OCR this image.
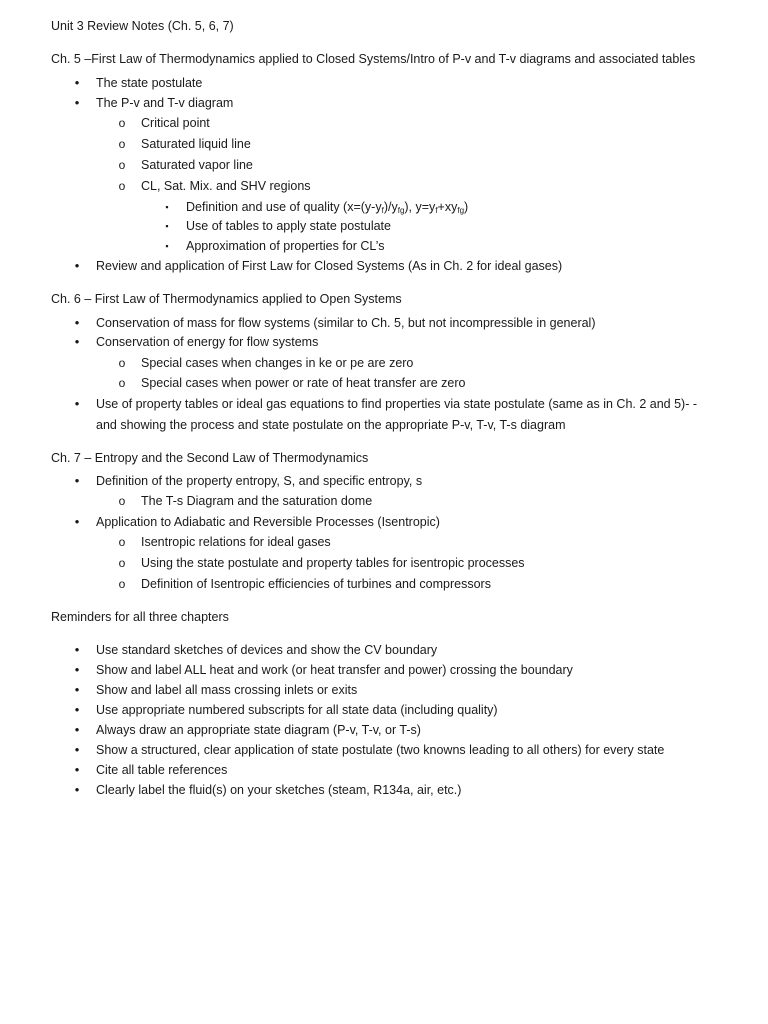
Unit 3 Review Notes (Ch. 5, 6, 7)
Ch. 5 –First Law of Thermodynamics applied to Closed Systems/Intro of P-v and T-v diagrams and associated tables
• The state postulate
• The P-v and T-v diagram
o Critical point
o Saturated liquid line
o Saturated vapor line
o CL, Sat. Mix. and SHV regions
▪	Definition and use of quality $(x=(y-y_f)/y_{fg})$, $y=y_f+xy_{fg}$)
▪	Use of tables to apply state postulate
▪	Approximation of properties for CL’s
• Review and application of First Law for Closed Systems (As in Ch. 2 for ideal gases)
Ch. 6 – First Law of Thermodynamics applied to Open Systems
• Conservation of mass for flow systems (similar to Ch. 5, but not incompressible in general)
• Conservation of energy for flow systems
o Special cases when changes in ke or pe are zero
o Special cases when power or rate of heat transfer are zero
• Use of property tables or ideal gas equations to find properties via state postulate (same as in Ch. 2 and 5)- -
and showing the process and state postulate on the appropriate P-v, T-v, T-s diagram
Ch. 7 – Entropy and the Second Law of Thermodynamics
• Definition of the property entropy, S, and specific entropy, s
o The T-s Diagram and the saturation dome
• Application to Adiabatic and Reversible Processes (Isentropic)
o Isentropic relations for ideal gases
o Using the state postulate and property tables for isentropic processes
o Definition of Isentropic efficiencies of turbines and compressors
Reminders for all three chapters
• Use standard sketches of devices and show the CV boundary
• Show and label ALL heat and work (or heat transfer and power) crossing the boundary
• Show and label all mass crossing inlets or exits
• Use appropriate numbered subscripts for all state data (including quality)
• Always draw an appropriate state diagram (P-v, T-v, or T-s)
• Show a structured, clear application of state postulate (two knowns leading to all others) for every state
• Cite all table references
• Clearly label the fluid(s) on your sketches (steam, R134a, air, etc.)
